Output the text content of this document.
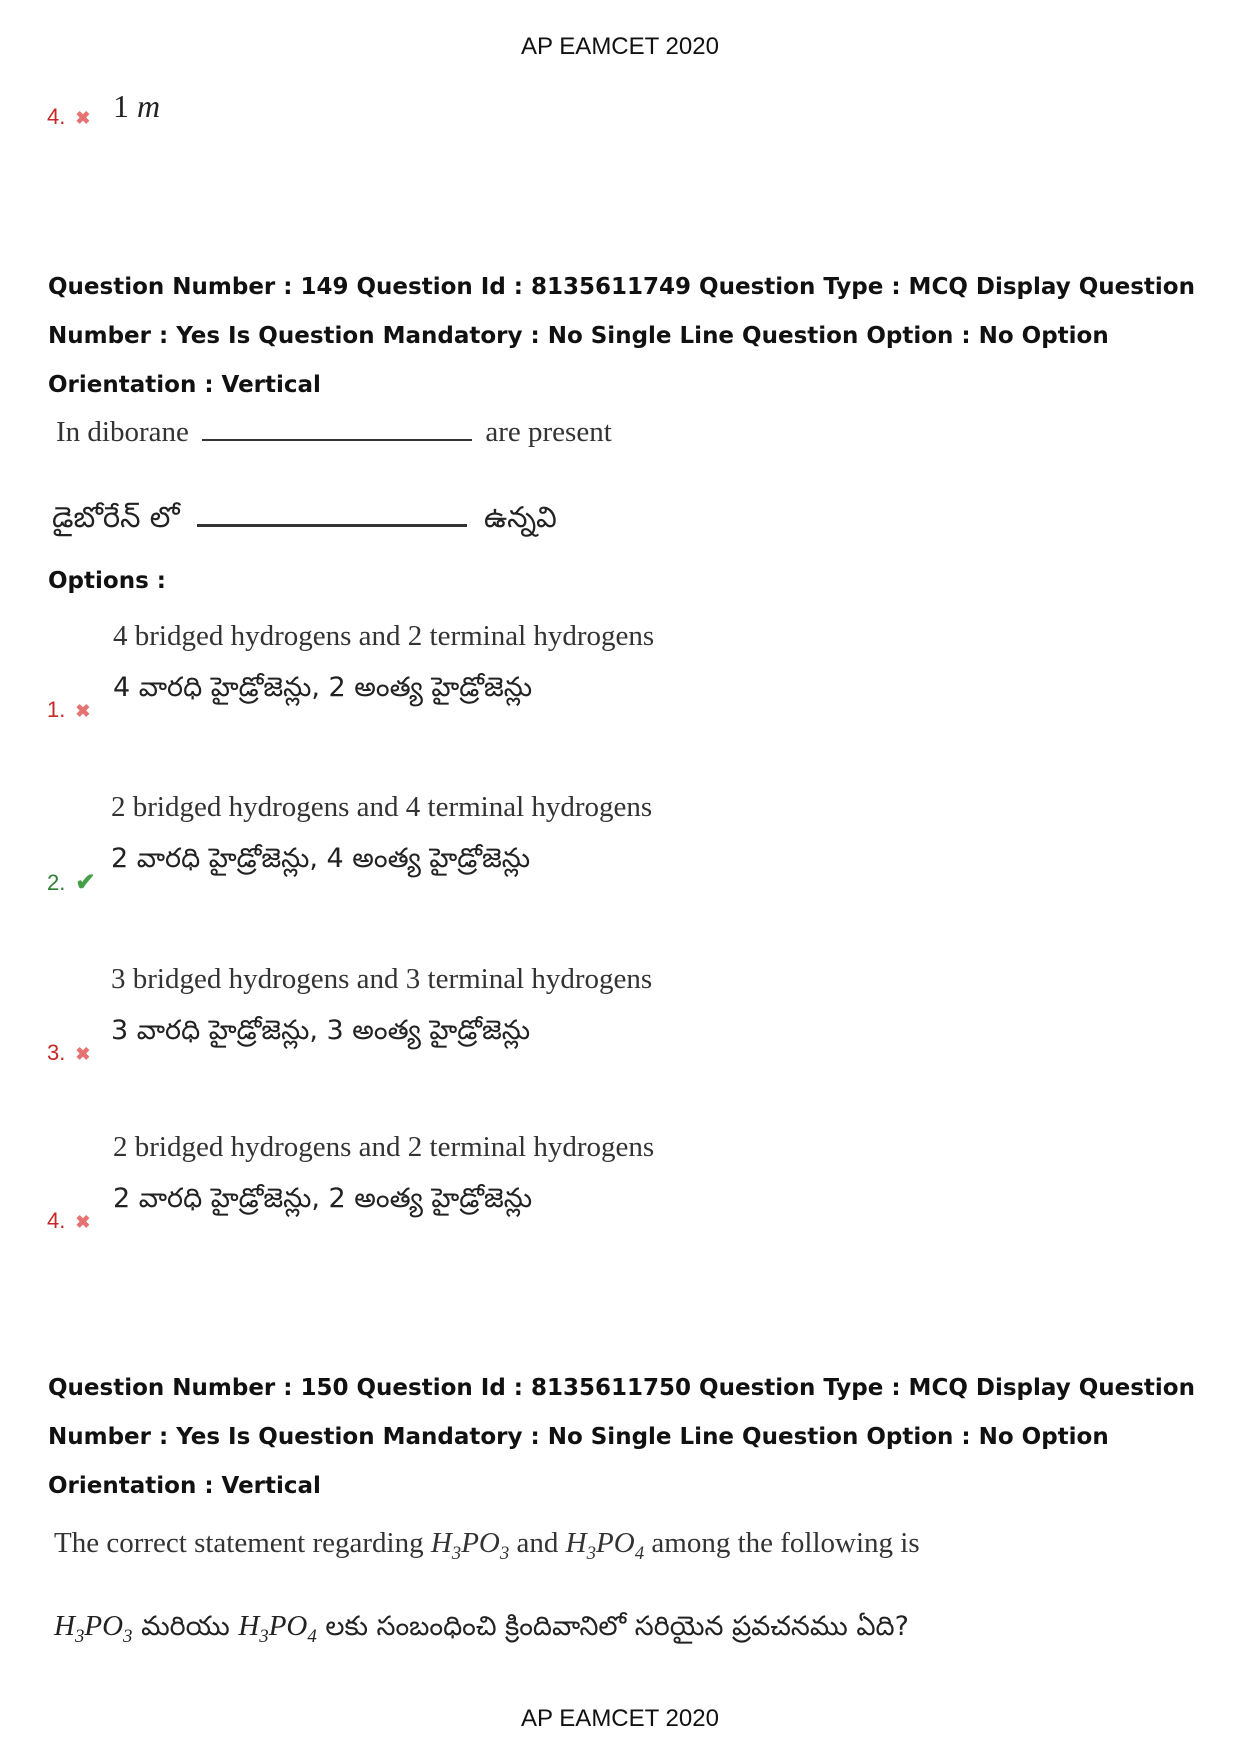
AP EAMCET 2020
4. ✖ 1 m
Question Number : 149 Question Id : 8135611749 Question Type : MCQ Display Question Number : Yes Is Question Mandatory : No Single Line Question Option : No Option Orientation : Vertical
In diborane	are present
డైబోరేన్ లో	ఉన్నవి
Options :
4 bridged hydrogens and 2 terminal hydrogens
4 వారధి హైడ్రోజెన్లు, 2 అంత్య హైడ్రోజెన్లు
1. ✖
2 bridged hydrogens and 4 terminal hydrogens
2 వారధి హైడ్రోజెన్లు, 4 అంత్య హైడ్రోజెన్లు
2. ✔
3 bridged hydrogens and 3 terminal hydrogens
3 వారధి హైడ్రోజెన్లు, 3 అంత్య హైడ్రోజెన్లు
3. ✖
2 bridged hydrogens and 2 terminal hydrogens
2 వారధి హైడ్రోజెన్లు, 2 అంత్య హైడ్రోజెన్లు
4. ✖
Question Number : 150 Question Id : 8135611750 Question Type : MCQ Display Question Number : Yes Is Question Mandatory : No Single Line Question Option : No Option Orientation : Vertical
The correct statement regarding $H_3PO_3$ and $H_3PO_4$ among the following is
$H_3PO_3$ మరియు $H_3PO_4$ లకు సంబంధించి క్రిందివానిలో సరియైన ప్రవచనము ఏది?
AP EAMCET 2020
